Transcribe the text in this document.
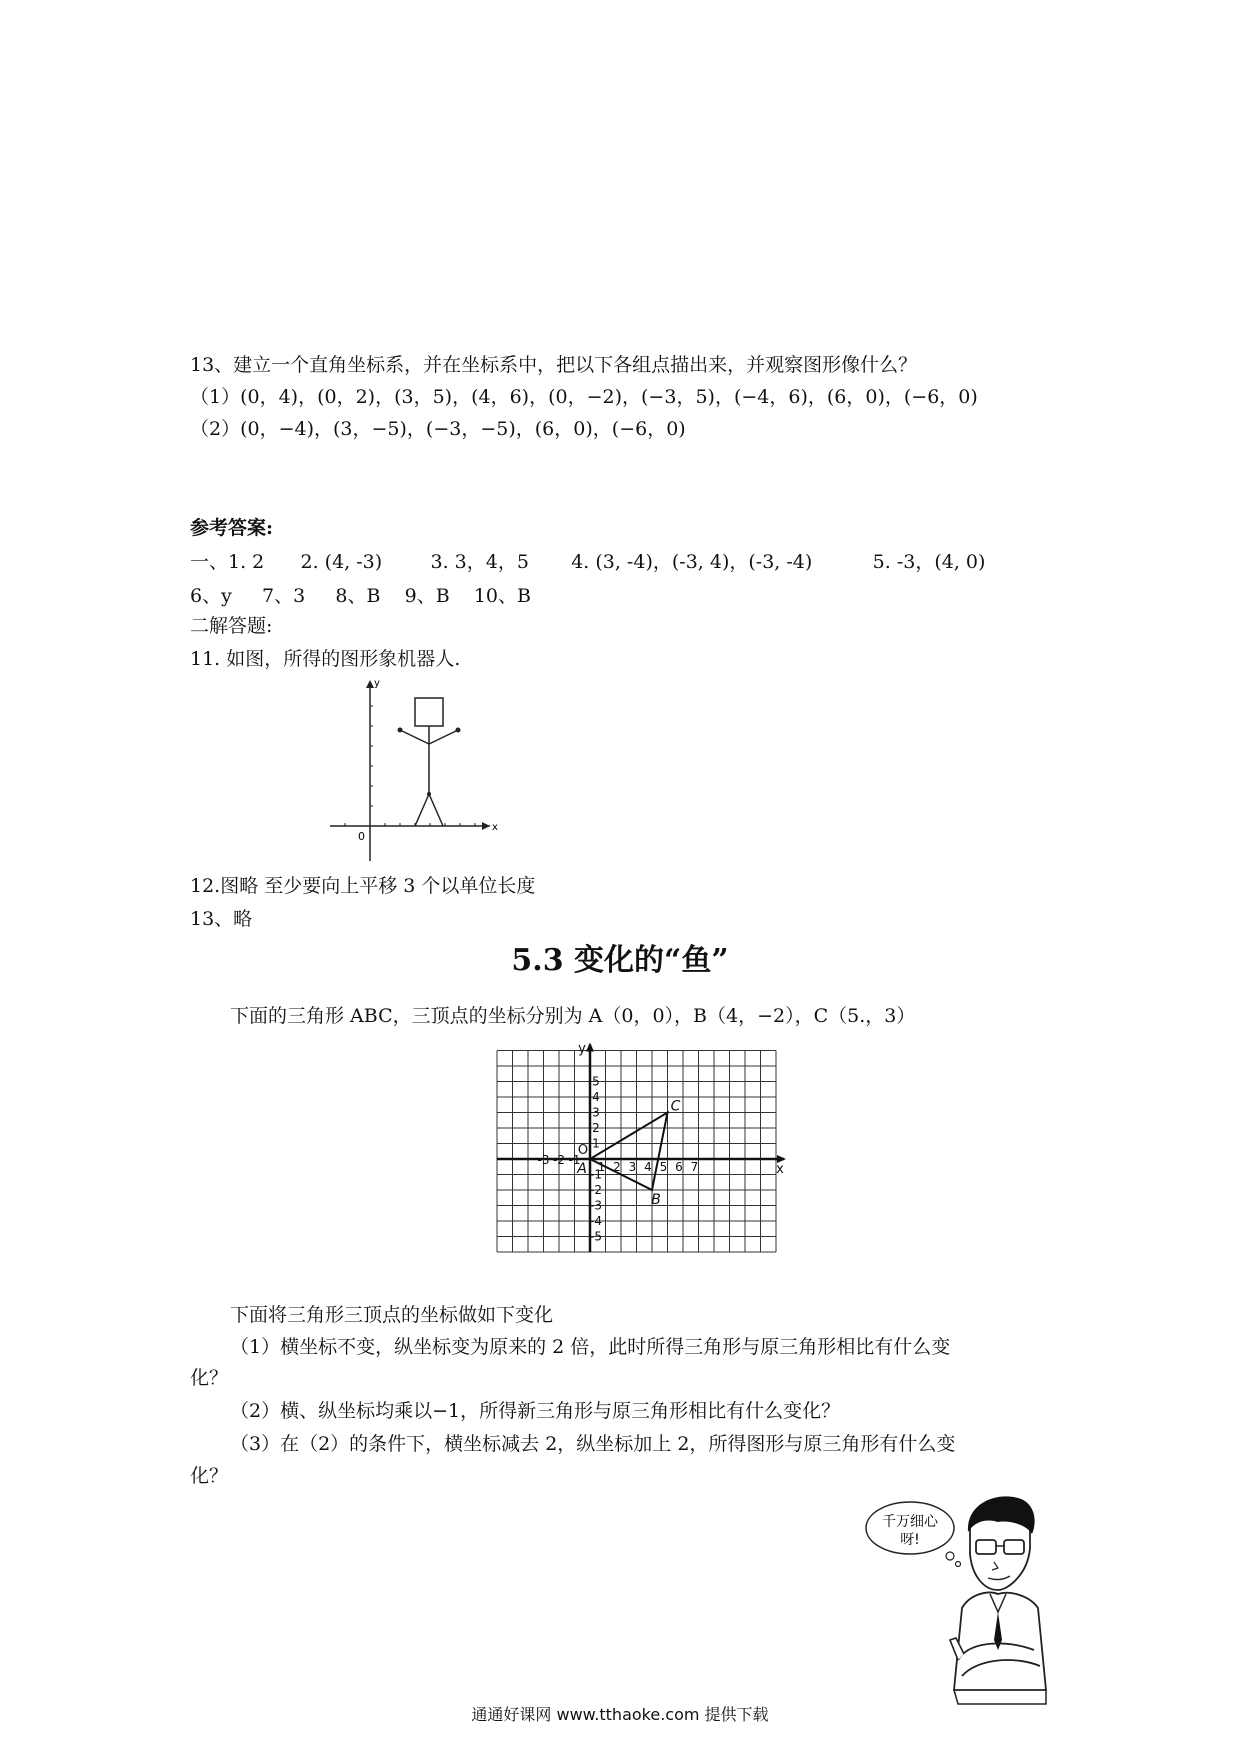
13、建立一个直角坐标系，并在坐标系中，把以下各组点描出来，并观察图形像什么？
（1）(0，4)，(0，2)，(3，5)，(4，6)，(0，−2)，(−3，5)，(−4，6)，(6，0)，(−6，0)
（2）(0，−4)，(3，−5)，(−3，−5)，(6，0)，(−6，0)
参考答案:
一、1. 2      2. (4, -3)        3. 3，4，5       4. (3, -4)，(-3, 4)，(-3, -4)          5. -3，(4, 0)
6、y     7、3     8、B    9、B    10、B
二解答题:
11. 如图，所得的图形象机器人.
y
x
0
12.图略 至少要向上平移 3 个以单位长度
13、略
5.3 变化的“鱼”
下面的三角形 ABC，三顶点的坐标分别为 A（0，0），B（4，−2），C（5.，3）
1 2 3 4 5 6 7
-3 -2 -1
5
4
3
2
1
-1
-2
-3
-4
-5
x
y
O
A
B
C
下面将三角形三顶点的坐标做如下变化
（1）横坐标不变，纵坐标变为原来的 2 倍，此时所得三角形与原三角形相比有什么变
化？
（2）横、纵坐标均乘以−1，所得新三角形与原三角形相比有什么变化？
（3）在（2）的条件下，横坐标减去 2，纵坐标加上 2，所得图形与原三角形有什么变
化？
千万细心
呀!
通通好课网 www.tthaoke.com 提供下载
